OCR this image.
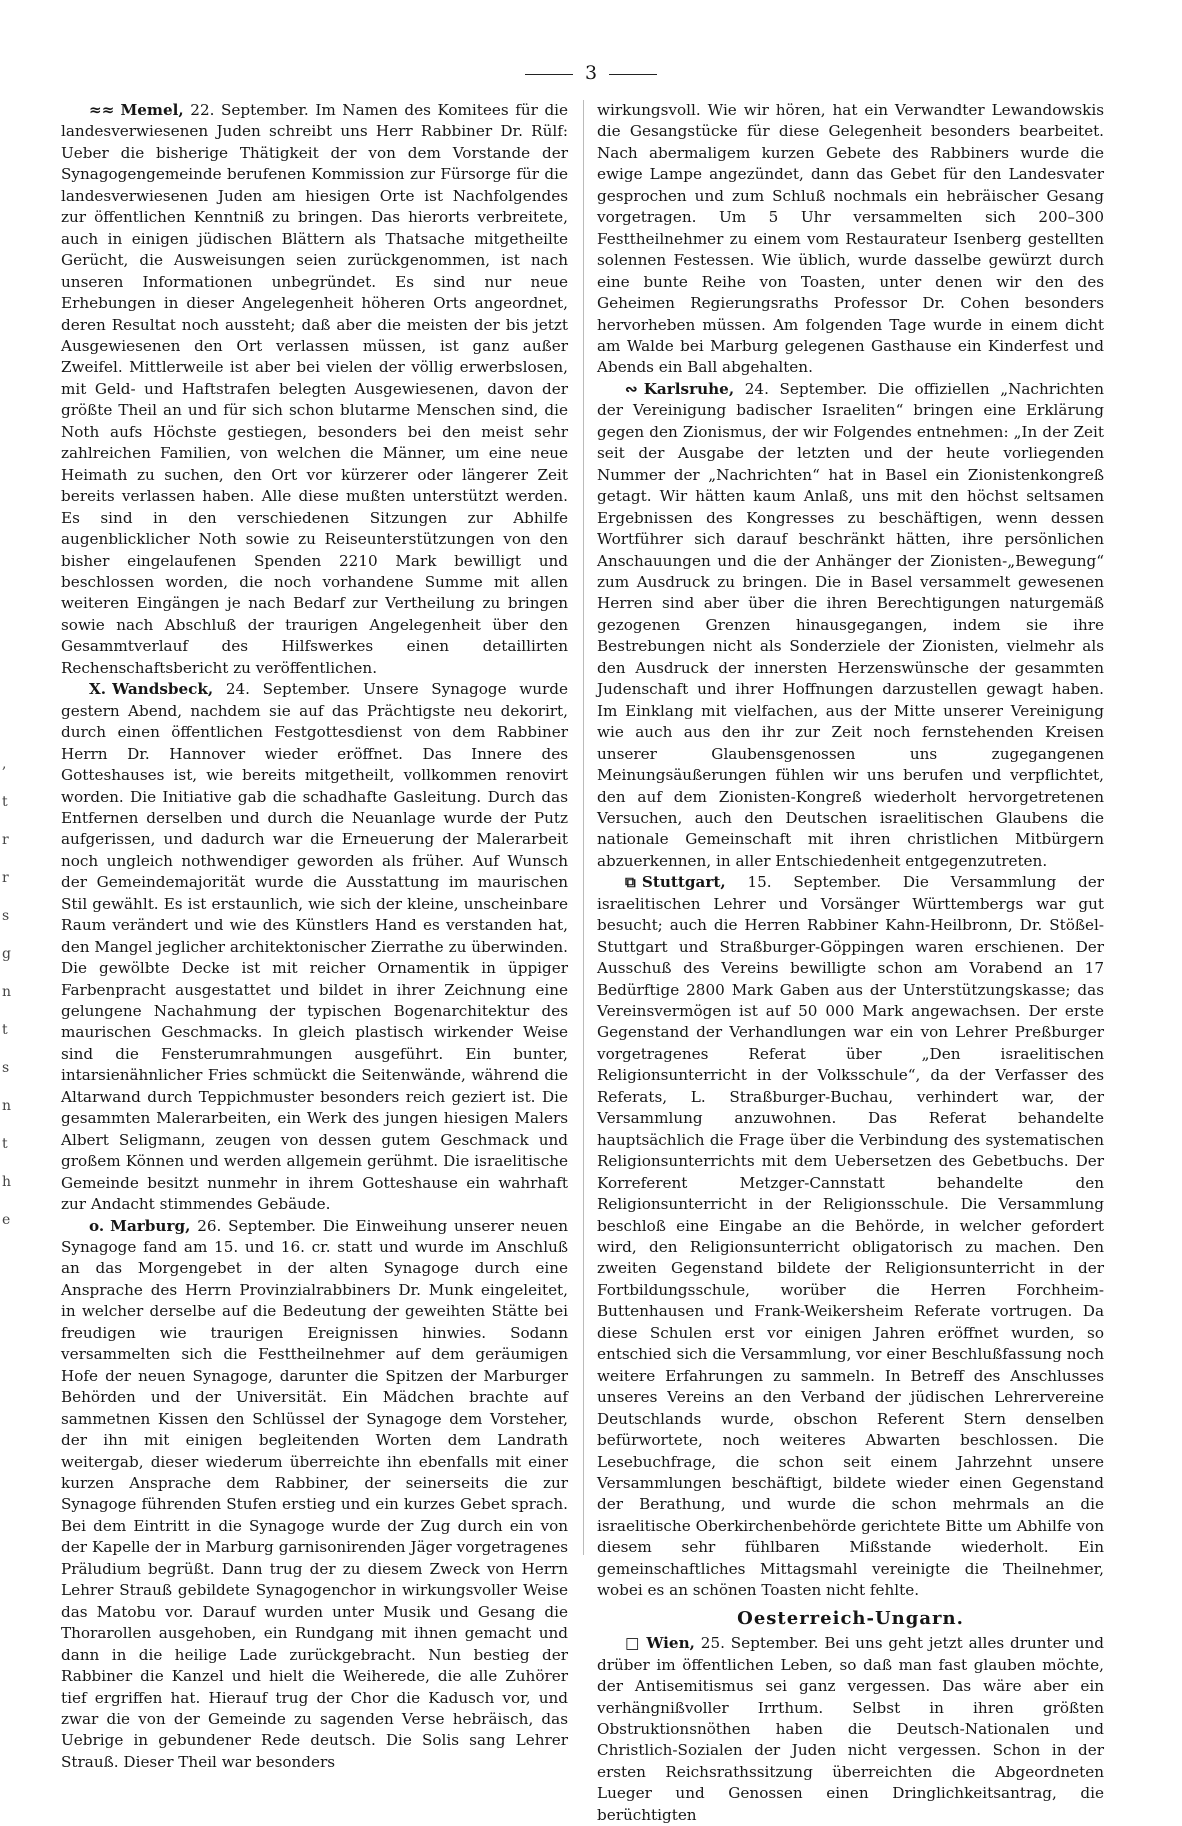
3
,
t
r
r
s
g
n
t
s
n
t
h
e

≈≈ Memel, 22. September. Im Namen des Komitees für die landesverwiesenen Juden schreibt uns Herr Rabbiner Dr. Rülf: Ueber die bisherige Thätigkeit der von dem Vorstande der Synagogengemeinde berufenen Kommission zur Fürsorge für die landesverwiesenen Juden am hiesigen Orte ist Nachfolgendes zur öffentlichen Kenntniß zu bringen. Das hierorts verbreitete, auch in einigen jüdischen Blättern als Thatsache mitgetheilte Gerücht, die Ausweisungen seien zurückgenommen, ist nach unseren Informationen unbegründet. Es sind nur neue Erhebungen in dieser Angelegenheit höheren Orts angeordnet, deren Resultat noch aussteht; daß aber die meisten der bis jetzt Ausgewiesenen den Ort verlassen müssen, ist ganz außer Zweifel. Mittlerweile ist aber bei vielen der völlig erwerbslosen, mit Geld- und Haftstrafen belegten Ausgewiesenen, davon der größte Theil an und für sich schon blutarme Menschen sind, die Noth aufs Höchste gestiegen, besonders bei den meist sehr zahlreichen Familien, von welchen die Männer, um eine neue Heimath zu suchen, den Ort vor kürzerer oder längerer Zeit bereits verlassen haben. Alle diese mußten unterstützt werden. Es sind in den verschiedenen Sitzungen zur Abhilfe augenblicklicher Noth sowie zu Reiseunterstützungen von den bisher eingelaufenen Spenden 2210 Mark bewilligt und beschlossen worden, die noch vorhandene Summe mit allen weiteren Eingängen je nach Bedarf zur Vertheilung zu bringen sowie nach Abschluß der traurigen Angelegenheit über den Gesammtverlauf des Hilfswerkes einen detaillirten Rechenschaftsbericht zu veröffentlichen.

X. Wandsbeck, 24. September. Unsere Synagoge wurde gestern Abend, nachdem sie auf das Prächtigste neu dekorirt, durch einen öffentlichen Festgottesdienst von dem Rabbiner Herrn Dr. Hannover wieder eröffnet. Das Innere des Gotteshauses ist, wie bereits mitgetheilt, vollkommen renovirt worden. Die Initiative gab die schadhafte Gasleitung. Durch das Entfernen derselben und durch die Neuanlage wurde der Putz aufgerissen, und dadurch war die Erneuerung der Malerarbeit noch ungleich nothwendiger geworden als früher. Auf Wunsch der Gemeindemajorität wurde die Ausstattung im maurischen Stil gewählt. Es ist erstaunlich, wie sich der kleine, unscheinbare Raum verändert und wie des Künstlers Hand es verstanden hat, den Mangel jeglicher architektonischer Zierrathe zu überwinden. Die gewölbte Decke ist mit reicher Ornamentik in üppiger Farbenpracht ausgestattet und bildet in ihrer Zeichnung eine gelungene Nachahmung der typischen Bogenarchitektur des maurischen Geschmacks. In gleich plastisch wirkender Weise sind die Fensterumrahmungen ausgeführt. Ein bunter, intarsienähnlicher Fries schmückt die Seitenwände, während die Altarwand durch Teppichmuster besonders reich geziert ist. Die gesammten Malerarbeiten, ein Werk des jungen hiesigen Malers Albert Seligmann, zeugen von dessen gutem Geschmack und großem Können und werden allgemein gerühmt. Die israelitische Gemeinde besitzt nunmehr in ihrem Gotteshause ein wahrhaft zur Andacht stimmendes Gebäude.

o. Marburg, 26. September. Die Einweihung unserer neuen Synagoge fand am 15. und 16. cr. statt und wurde im Anschluß an das Morgengebet in der alten Synagoge durch eine Ansprache des Herrn Provinzialrabbiners Dr. Munk eingeleitet, in welcher derselbe auf die Bedeutung der geweihten Stätte bei freudigen wie traurigen Ereignissen hinwies. Sodann versammelten sich die Festtheilnehmer auf dem geräumigen Hofe der neuen Synagoge, darunter die Spitzen der Marburger Behörden und der Universität. Ein Mädchen brachte auf sammetnen Kissen den Schlüssel der Synagoge dem Vorsteher, der ihn mit einigen begleitenden Worten dem Landrath weitergab, dieser wiederum überreichte ihn ebenfalls mit einer kurzen Ansprache dem Rabbiner, der seinerseits die zur Synagoge führenden Stufen erstieg und ein kurzes Gebet sprach. Bei dem Eintritt in die Synagoge wurde der Zug durch ein von der Kapelle der in Marburg garnisonirenden Jäger vorgetragenes Präludium begrüßt. Dann trug der zu diesem Zweck von Herrn Lehrer Strauß gebildete Synagogenchor in wirkungsvoller Weise das Matobu vor. Darauf wurden unter Musik und Gesang die Thorarollen ausgehoben, ein Rundgang mit ihnen gemacht und dann in die heilige Lade zurückgebracht. Nun bestieg der Rabbiner die Kanzel und hielt die Weiherede, die alle Zuhörer tief ergriffen hat. Hierauf trug der Chor die Kadusch vor, und zwar die von der Gemeinde zu sagenden Verse hebräisch, das Uebrige in gebundener Rede deutsch. Die Solis sang Lehrer Strauß. Dieser Theil war besonders

wirkungsvoll. Wie wir hören, hat ein Verwandter Lewandowskis die Gesangstücke für diese Gelegenheit besonders bearbeitet. Nach abermaligem kurzen Gebete des Rabbiners wurde die ewige Lampe angezündet, dann das Gebet für den Landesvater gesprochen und zum Schluß nochmals ein hebräischer Gesang vorgetragen. Um 5 Uhr versammelten sich 200–300 Festtheilnehmer zu einem vom Restaurateur Isenberg gestellten solennen Festessen. Wie üblich, wurde dasselbe gewürzt durch eine bunte Reihe von Toasten, unter denen wir den des Geheimen Regierungsraths Professor Dr. Cohen besonders hervorheben müssen. Am folgenden Tage wurde in einem dicht am Walde bei Marburg gelegenen Gasthause ein Kinderfest und Abends ein Ball abgehalten.

∾ Karlsruhe, 24. September. Die offiziellen „Nachrichten der Vereinigung badischer Israeliten“ bringen eine Erklärung gegen den Zionismus, der wir Folgendes entnehmen: „In der Zeit seit der Ausgabe der letzten und der heute vorliegenden Nummer der „Nachrichten“ hat in Basel ein Zionistenkongreß getagt. Wir hätten kaum Anlaß, uns mit den höchst seltsamen Ergebnissen des Kongresses zu beschäftigen, wenn dessen Wortführer sich darauf beschränkt hätten, ihre persönlichen Anschauungen und die der Anhänger der Zionisten-„Bewegung“ zum Ausdruck zu bringen. Die in Basel versammelt gewesenen Herren sind aber über die ihren Berechtigungen naturgemäß gezogenen Grenzen hinausgegangen, indem sie ihre Bestrebungen nicht als Sonderziele der Zionisten, vielmehr als den Ausdruck der innersten Herzenswünsche der gesammten Judenschaft und ihrer Hoffnungen darzustellen gewagt haben. Im Einklang mit vielfachen, aus der Mitte unserer Vereinigung wie auch aus den ihr zur Zeit noch fernstehenden Kreisen unserer Glaubensgenossen uns zugegangenen Meinungsäußerungen fühlen wir uns berufen und verpflichtet, den auf dem Zionisten-Kongreß wiederholt hervorgetretenen Versuchen, auch den Deutschen israelitischen Glaubens die nationale Gemeinschaft mit ihren christlichen Mitbürgern abzuerkennen, in aller Entschiedenheit entgegenzutreten.

⧉ Stuttgart, 15. September. Die Versammlung der israelitischen Lehrer und Vorsänger Württembergs war gut besucht; auch die Herren Rabbiner Kahn-Heilbronn, Dr. Stößel-Stuttgart und Straßburger-Göppingen waren erschienen. Der Ausschuß des Vereins bewilligte schon am Vorabend an 17 Bedürftige 2800 Mark Gaben aus der Unterstützungskasse; das Vereinsvermögen ist auf 50 000 Mark angewachsen. Der erste Gegenstand der Verhandlungen war ein von Lehrer Preßburger vorgetragenes Referat über „Den israelitischen Religionsunterricht in der Volksschule“, da der Verfasser des Referats, L. Straßburger-Buchau, verhindert war, der Versammlung anzuwohnen. Das Referat behandelte hauptsächlich die Frage über die Verbindung des systematischen Religionsunterrichts mit dem Uebersetzen des Gebetbuchs. Der Korreferent Metzger-Cannstatt behandelte den Religionsunterricht in der Religionsschule. Die Versammlung beschloß eine Eingabe an die Behörde, in welcher gefordert wird, den Religionsunterricht obligatorisch zu machen. Den zweiten Gegenstand bildete der Religionsunterricht in der Fortbildungsschule, worüber die Herren Forchheim-Buttenhausen und Frank-Weikersheim Referate vortrugen. Da diese Schulen erst vor einigen Jahren eröffnet wurden, so entschied sich die Versammlung, vor einer Beschlußfassung noch weitere Erfahrungen zu sammeln. In Betreff des Anschlusses unseres Vereins an den Verband der jüdischen Lehrervereine Deutschlands wurde, obschon Referent Stern denselben befürwortete, noch weiteres Abwarten beschlossen. Die Lesebuchfrage, die schon seit einem Jahrzehnt unsere Versammlungen beschäftigt, bildete wieder einen Gegenstand der Berathung, und wurde die schon mehrmals an die israelitische Oberkirchenbehörde gerichtete Bitte um Abhilfe von diesem sehr fühlbaren Mißstande wiederholt. Ein gemeinschaftliches Mittagsmahl vereinigte die Theilnehmer, wobei es an schönen Toasten nicht fehlte.

Oesterreich-Ungarn.

□ Wien, 25. September. Bei uns geht jetzt alles drunter und drüber im öffentlichen Leben, so daß man fast glauben möchte, der Antisemitismus sei ganz vergessen. Das wäre aber ein verhängnißvoller Irrthum. Selbst in ihren größten Obstruktionsnöthen haben die Deutsch-Nationalen und Christlich-Sozialen der Juden nicht vergessen. Schon in der ersten Reichsrathssitzung überreichten die Abgeordneten Lueger und Genossen einen Dringlichkeitsantrag, die berüchtigten
